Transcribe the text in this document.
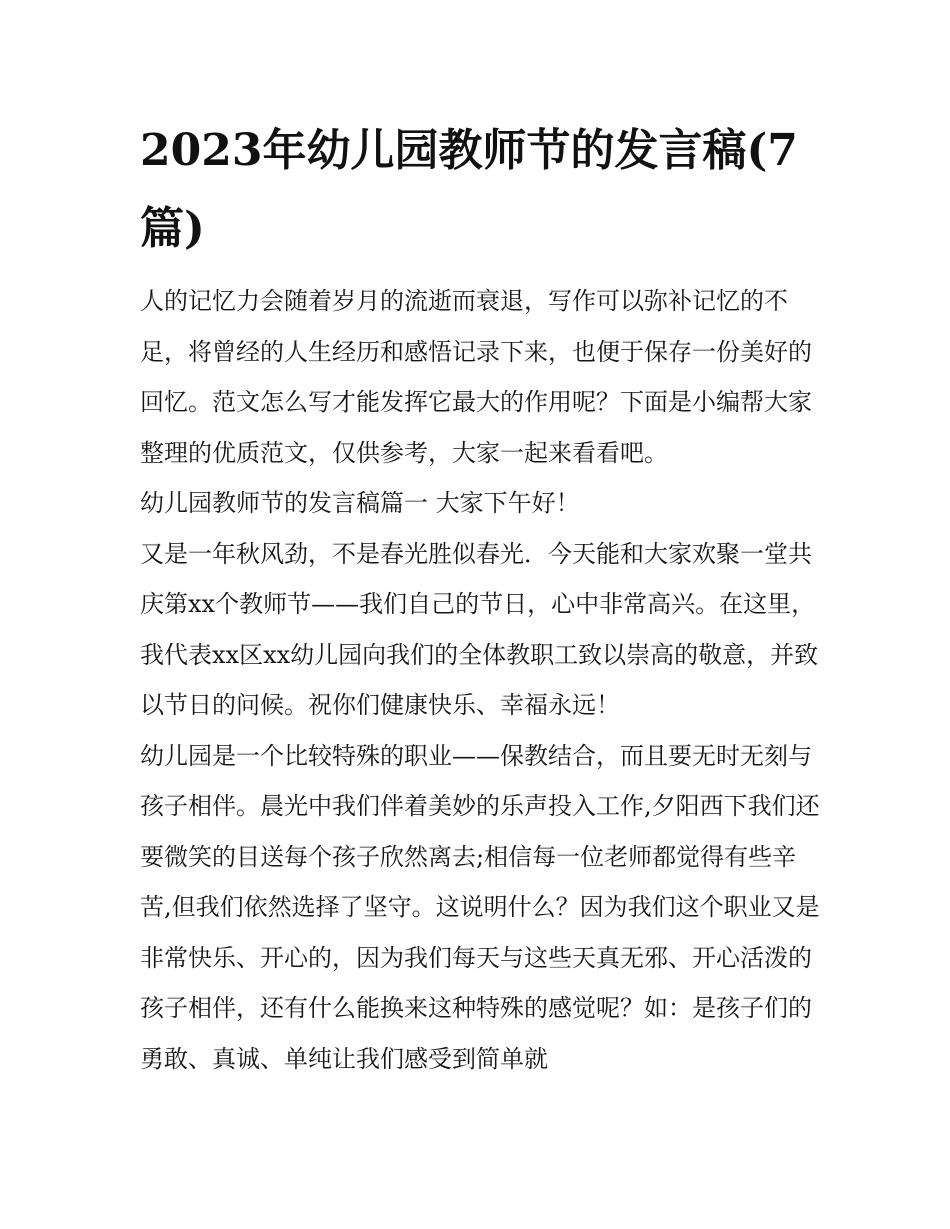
2023年幼儿园教师节的发言稿(7篇)

人的记忆力会随着岁月的流逝而衰退，写作可以弥补记忆的不足，将曾经的人生经历和感悟记录下来，也便于保存一份美好的回忆。范文怎么写才能发挥它最大的作用呢？下面是小编帮大家整理的优质范文，仅供参考，大家一起来看看吧。

幼儿园教师节的发言稿篇一 大家下午好！

又是一年秋风劲，不是春光胜似春光．今天能和大家欢聚一堂共庆第xx个教师节——我们自己的节日，心中非常高兴。在这里，我代表xx区xx幼儿园向我们的全体教职工致以崇高的敬意，并致以节日的问候。祝你们健康快乐、幸福永远！

幼儿园是一个比较特殊的职业——保教结合，而且要无时无刻与孩子相伴。晨光中我们伴着美妙的乐声投入工作,夕阳西下我们还要微笑的目送每个孩子欣然离去;相信每一位老师都觉得有些辛苦,但我们依然选择了坚守。这说明什么？因为我们这个职业又是非常快乐、开心的，因为我们每天与这些天真无邪、开心活泼的孩子相伴，还有什么能换来这种特殊的感觉呢？如：是孩子们的勇敢、真诚、单纯让我们感受到简单就
